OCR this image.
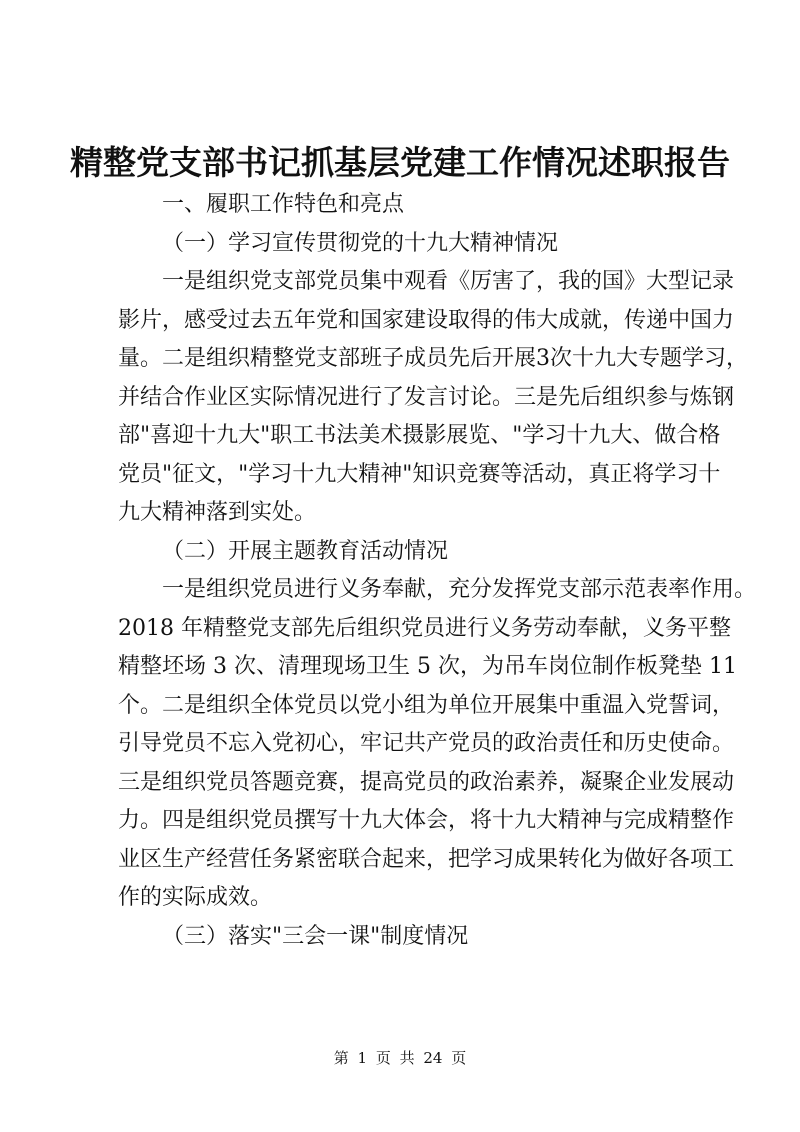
精整党支部书记抓基层党建工作情况述职报告
一、履职工作特色和亮点
（一）学习宣传贯彻党的十九大精神情况
一是组织党支部党员集中观看《厉害了，我的国》大型记录
影片，感受过去五年党和国家建设取得的伟大成就，传递中国力
量。二是组织精整党支部班子成员先后开展3次十九大专题学习，
并结合作业区实际情况进行了发言讨论。三是先后组织参与炼钢
部"喜迎十九大"职工书法美术摄影展览、"学习十九大、做合格
党员"征文，"学习十九大精神"知识竞赛等活动，真正将学习十
九大精神落到实处。
（二）开展主题教育活动情况
一是组织党员进行义务奉献，充分发挥党支部示范表率作用。
2018 年精整党支部先后组织党员进行义务劳动奉献，义务平整
精整坯场 3 次、清理现场卫生 5 次，为吊车岗位制作板凳垫 11
个。二是组织全体党员以党小组为单位开展集中重温入党誓词，
引导党员不忘入党初心，牢记共产党员的政治责任和历史使命。
三是组织党员答题竞赛，提高党员的政治素养，凝聚企业发展动
力。四是组织党员撰写十九大体会，将十九大精神与完成精整作
业区生产经营任务紧密联合起来，把学习成果转化为做好各项工
作的实际成效。
（三）落实"三会一课"制度情况
第 1 页 共 24 页
